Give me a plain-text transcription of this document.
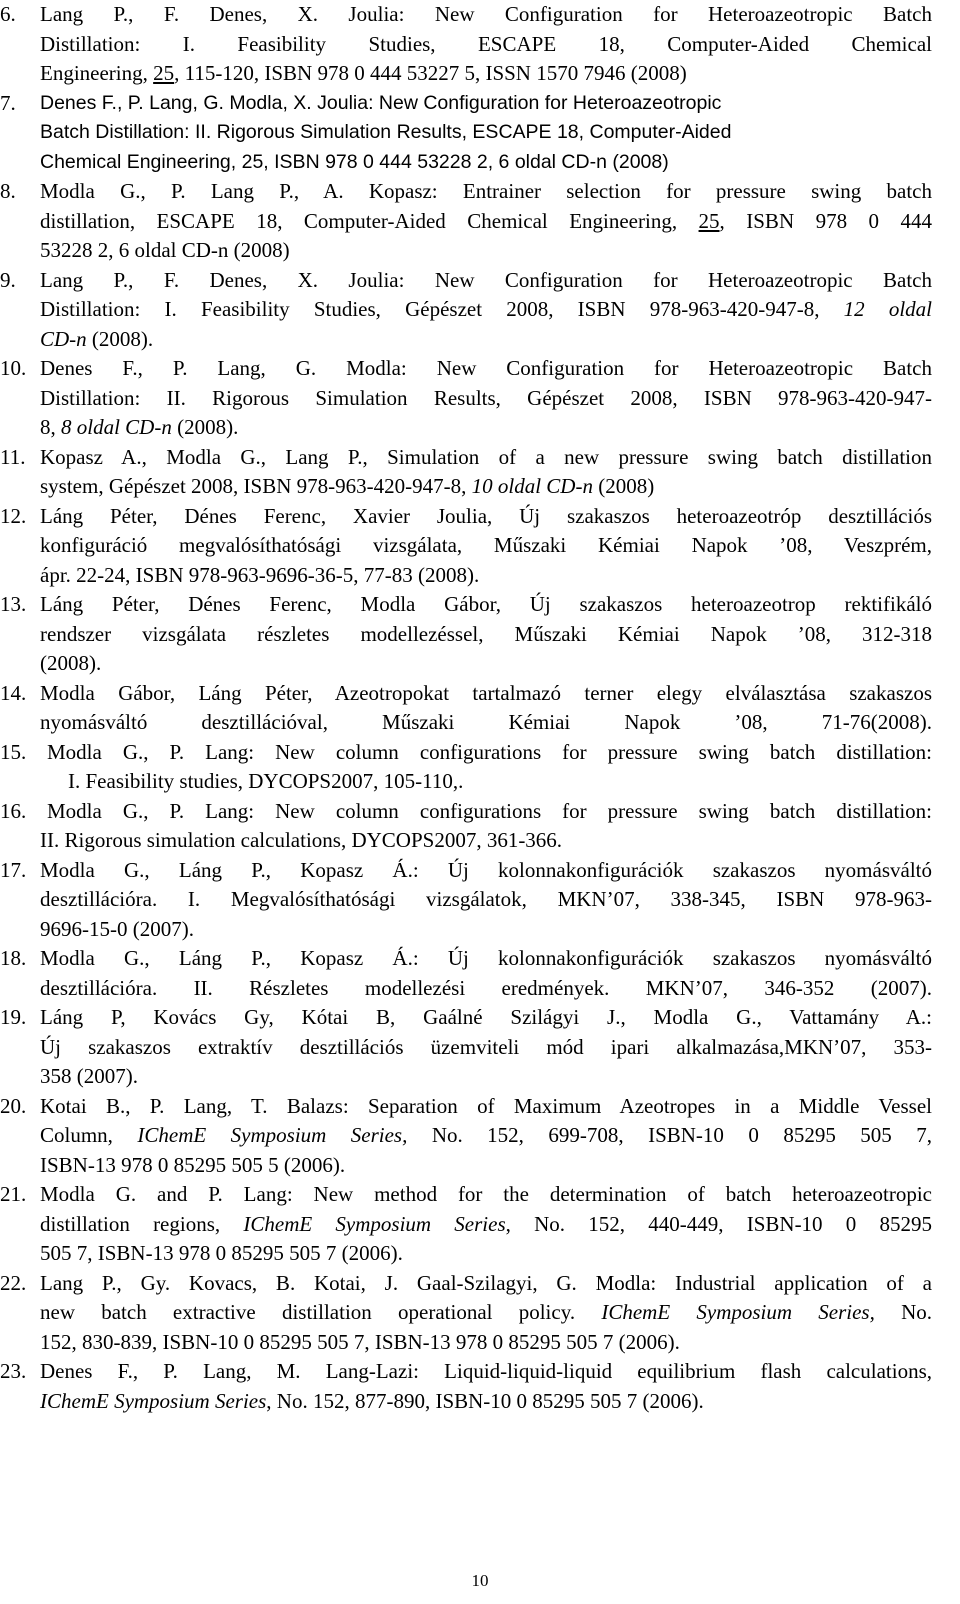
6. Lang P., F. Denes, X. Joulia: New Configuration for Heteroazeotropic Batch
Distillation: I. Feasibility Studies, ESCAPE 18, Computer-Aided Chemical
Engineering, 25, 115-120, ISBN 978 0 444 53227 5, ISSN 1570 7946 (2008)
7. Denes F., P. Lang, G. Modla, X. Joulia: New Configuration for Heteroazeotropic
Batch Distillation: II. Rigorous Simulation Results, ESCAPE 18, Computer-Aided
Chemical Engineering, 25, ISBN 978 0 444 53228 2, 6 oldal CD-n (2008)
8. Modla G., P. Lang P., A. Kopasz: Entrainer selection for pressure swing batch
distillation, ESCAPE 18, Computer-Aided Chemical Engineering, 25, ISBN 978 0 444
53228 2, 6 oldal CD-n (2008)
9. Lang P., F. Denes, X. Joulia: New Configuration for Heteroazeotropic Batch
Distillation: I. Feasibility Studies, Gépészet 2008, ISBN 978-963-420-947-8, 12 oldal
CD-n (2008).
10. Denes F., P. Lang, G. Modla: New Configuration for Heteroazeotropic Batch
Distillation: II. Rigorous Simulation Results, Gépészet 2008, ISBN 978-963-420-947-
8, 8 oldal CD-n (2008).
11. Kopasz A., Modla G., Lang P., Simulation of a new pressure swing batch distillation
system, Gépészet 2008, ISBN 978-963-420-947-8, 10 oldal CD-n (2008)
12. Láng Péter, Dénes Ferenc, Xavier Joulia, Új szakaszos heteroazeotróp desztillációs
konfiguráció megvalósíthatósági vizsgálata, Műszaki Kémiai Napok ’08, Veszprém,
ápr. 22-24, ISBN 978-963-9696-36-5, 77-83 (2008).
13. Láng Péter, Dénes Ferenc, Modla Gábor, Új szakaszos heteroazeotrop rektifikáló
rendszer vizsgálata részletes modellezéssel, Műszaki Kémiai Napok ’08, 312-318
(2008).
14. Modla Gábor, Láng Péter, Azeotropokat tartalmazó terner elegy elválasztása szakaszos
nyomásváltó desztillációval, Műszaki Kémiai Napok ’08, 71-76(2008).
15. Modla G., P. Lang: New column configurations for pressure swing batch distillation:
I. Feasibility studies, DYCOPS2007, 105-110,.
16. Modla G., P. Lang: New column configurations for pressure swing batch distillation:
II. Rigorous simulation calculations, DYCOPS2007, 361-366.
17. Modla G., Láng P., Kopasz Á.: Új kolonnakonfigurációk szakaszos nyomásváltó
desztillációra. I. Megvalósíthatósági vizsgálatok, MKN’07, 338-345, ISBN 978-963-
9696-15-0 (2007).
18. Modla G., Láng P., Kopasz Á.: Új kolonnakonfigurációk szakaszos nyomásváltó
desztillációra. II. Részletes modellezési eredmények. MKN’07, 346-352 (2007).
19. Láng P, Kovács Gy, Kótai B, Gaálné Szilágyi J., Modla G., Vattamány A.:
Új szakaszos extraktív desztillációs üzemviteli mód ipari alkalmazása,MKN’07, 353-
358 (2007).
20. Kotai B., P. Lang, T. Balazs: Separation of Maximum Azeotropes in a Middle Vessel
Column, IChemE Symposium Series, No. 152, 699-708, ISBN-10 0 85295 505 7,
ISBN-13 978 0 85295 505 5 (2006).
21. Modla G. and P. Lang: New method for the determination of batch heteroazeotropic
distillation regions, IChemE Symposium Series, No. 152, 440-449, ISBN-10 0 85295
505 7, ISBN-13 978 0 85295 505 7 (2006).
22. Lang P., Gy. Kovacs, B. Kotai, J. Gaal-Szilagyi, G. Modla: Industrial application of a
new batch extractive distillation operational policy. IChemE Symposium Series, No.
152, 830-839, ISBN-10 0 85295 505 7, ISBN-13 978 0 85295 505 7 (2006).
23. Denes F., P. Lang, M. Lang-Lazi: Liquid-liquid-liquid equilibrium flash calculations,
IChemE Symposium Series, No. 152, 877-890, ISBN-10 0 85295 505 7 (2006).
10
